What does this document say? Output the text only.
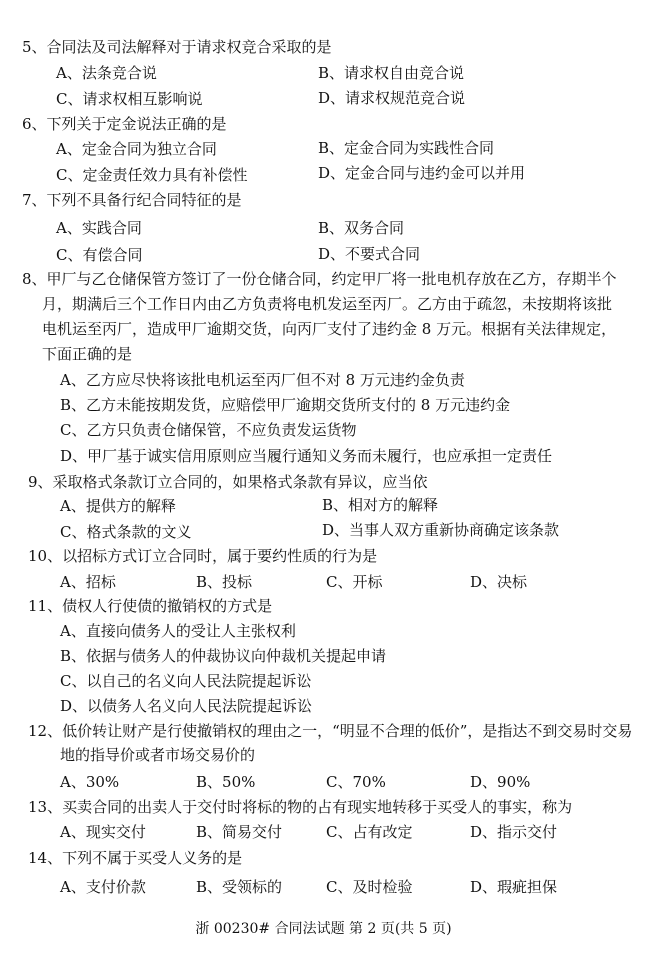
5、合同法及司法解释对于请求权竞合采取的是
A、法条竞合说	B、请求权自由竞合说
C、请求权相互影响说	D、请求权规范竞合说
6、下列关于定金说法正确的是
A、定金合同为独立合同	B、定金合同为实践性合同
C、定金责任效力具有补偿性	D、定金合同与违约金可以并用
7、下列不具备行纪合同特征的是
A、实践合同	B、双务合同
C、有偿合同	D、不要式合同
8、甲厂与乙仓储保管方签订了一份仓储合同，约定甲厂将一批电机存放在乙方，存期半个
月，期满后三个工作日内由乙方负责将电机发运至丙厂。乙方由于疏忽，未按期将该批
电机运至丙厂，造成甲厂逾期交货，向丙厂支付了违约金 8 万元。根据有关法律规定，
下面正确的是
A、乙方应尽快将该批电机运至丙厂但不对 8 万元违约金负责
B、乙方未能按期发货，应赔偿甲厂逾期交货所支付的 8 万元违约金
C、乙方只负责仓储保管，不应负责发运货物
D、甲厂基于诚实信用原则应当履行通知义务而未履行，也应承担一定责任
9、采取格式条款订立合同的，如果格式条款有异议，应当依
A、提供方的解释	B、相对方的解释
C、格式条款的文义	D、当事人双方重新协商确定该条款
10、以招标方式订立合同时，属于要约性质的行为是
A、招标	B、投标	C、开标	D、决标
11、债权人行使债的撤销权的方式是
A、直接向债务人的受让人主张权利
B、依据与债务人的仲裁协议向仲裁机关提起申请
C、以自己的名义向人民法院提起诉讼
D、以债务人名义向人民法院提起诉讼
12、低价转让财产是行使撤销权的理由之一，“明显不合理的低价”，是指达不到交易时交易
地的指导价或者市场交易价的
A、30%	B、50%	C、70%	D、90%
13、买卖合同的出卖人于交付时将标的物的占有现实地转移于买受人的事实，称为
A、现实交付	B、简易交付	C、占有改定	D、指示交付
14、下列不属于买受人义务的是
A、支付价款	B、受领标的	C、及时检验	D、瑕疵担保
浙 00230# 合同法试题 第 2 页(共 5 页)
